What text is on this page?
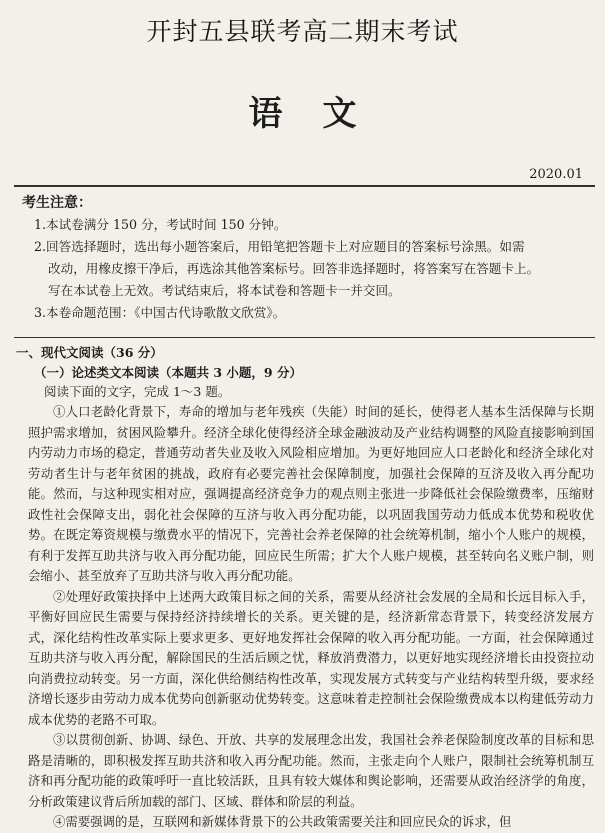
开封五县联考高二期末考试
语文
2020.01
考生注意：

1.本试卷满分 150 分，考试时间 150 分钟。

2.回答选择题时，选出每小题答案后，用铅笔把答题卡上对应题目的答案标号涂黑。如需

改动，用橡皮擦干净后，再选涂其他答案标号。回答非选择题时，将答案写在答题卡上。

写在本试卷上无效。考试结束后，将本试卷和答题卡一并交回。

3.本卷命题范围：《中国古代诗歌散文欣赏》。

一、现代文阅读（36 分）
（一）论述类文本阅读（本题共 3 小题，9 分）
阅读下面的文字，完成 1～3 题。

①人口老龄化背景下，寿命的增加与老年残疾（失能）时间的延长，使得老人基本生活保障与长期照护需求增加，贫困风险攀升。经济全球化使得经济全球金融波动及产业结构调整的风险直接影响到国内劳动力市场的稳定，普通劳动者失业及收入风险相应增加。为更好地回应人口老龄化和经济全球化对劳动者生计与老年贫困的挑战，政府有必要完善社会保障制度，加强社会保障的互济及收入再分配功能。然而，与这种现实相对应，强调提高经济竞争力的观点则主张进一步降低社会保险缴费率，压缩财政性社会保障支出，弱化社会保障的互济与收入再分配功能，以巩固我国劳动力低成本优势和税收优势。在既定筹资规模与缴费水平的情况下，完善社会养老保障的社会统筹机制，缩小个人账户的规模，有利于发挥互助共济与收入再分配功能，回应民生所需；扩大个人账户规模，甚至转向名义账户制，则会缩小、甚至放弃了互助共济与收入再分配功能。

②处理好政策抉择中上述两大政策目标之间的关系，需要从经济社会发展的全局和长远目标入手，平衡好回应民生需要与保持经济持续增长的关系。更关键的是，经济新常态背景下，转变经济发展方式，深化结构性改革实际上要求更多、更好地发挥社会保障的收入再分配功能。一方面，社会保障通过互助共济与收入再分配，解除国民的生活后顾之忧，释放消费潜力，以更好地实现经济增长由投资拉动向消费拉动转变。另一方面，深化供给侧结构性改革，实现发展方式转变与产业结构转型升级，要求经济增长逐步由劳动力成本优势向创新驱动优势转变。这意味着走控制社会保险缴费成本以构建低劳动力成本优势的老路不可取。

③以贯彻创新、协调、绿色、开放、共享的发展理念出发，我国社会养老保险制度改革的目标和思路是清晰的，即积极发挥互助共济和收入再分配功能。然而，主张走向个人账户，限制社会统筹机制互济和再分配功能的政策呼吁一直比较活跃，且具有较大媒体和舆论影响，还需要从政治经济学的角度，分析政策建议背后所加载的部门、区域、群体和阶层的利益。

④需要强调的是，互联网和新媒体背景下的公共政策需要关注和回应民众的诉求，但
